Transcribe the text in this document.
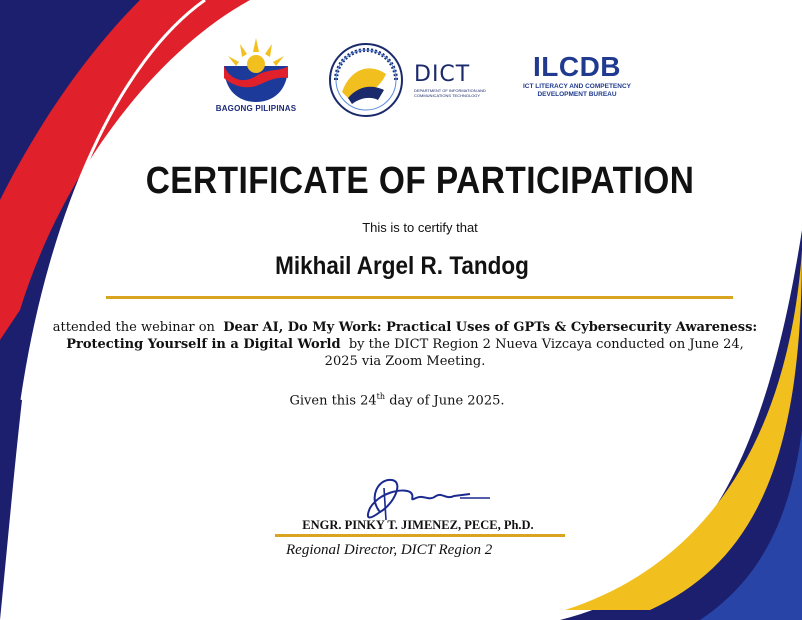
BAGONG PILIPINAS
DICT
DEPARTMENT OF INFORMATION AND COMMUNICATIONS TECHNOLOGY
ILCDB
ICT LITERACY AND COMPETENCY
DEVELOPMENT BUREAU
CERTIFICATE OF PARTICIPATION
This is to certify that
Mikhail Argel R. Tandog
attended the webinar on Dear AI, Do My Work: Practical Uses of GPTs & Cybersecurity Awareness: Protecting Yourself in a Digital World by the DICT Region 2 Nueva Vizcaya conducted on June 24, 2025 via Zoom Meeting.
Given this 24th day of June 2025.
ENGR. PINKY T. JIMENEZ, PECE, Ph.D.
Regional Director, DICT Region 2
